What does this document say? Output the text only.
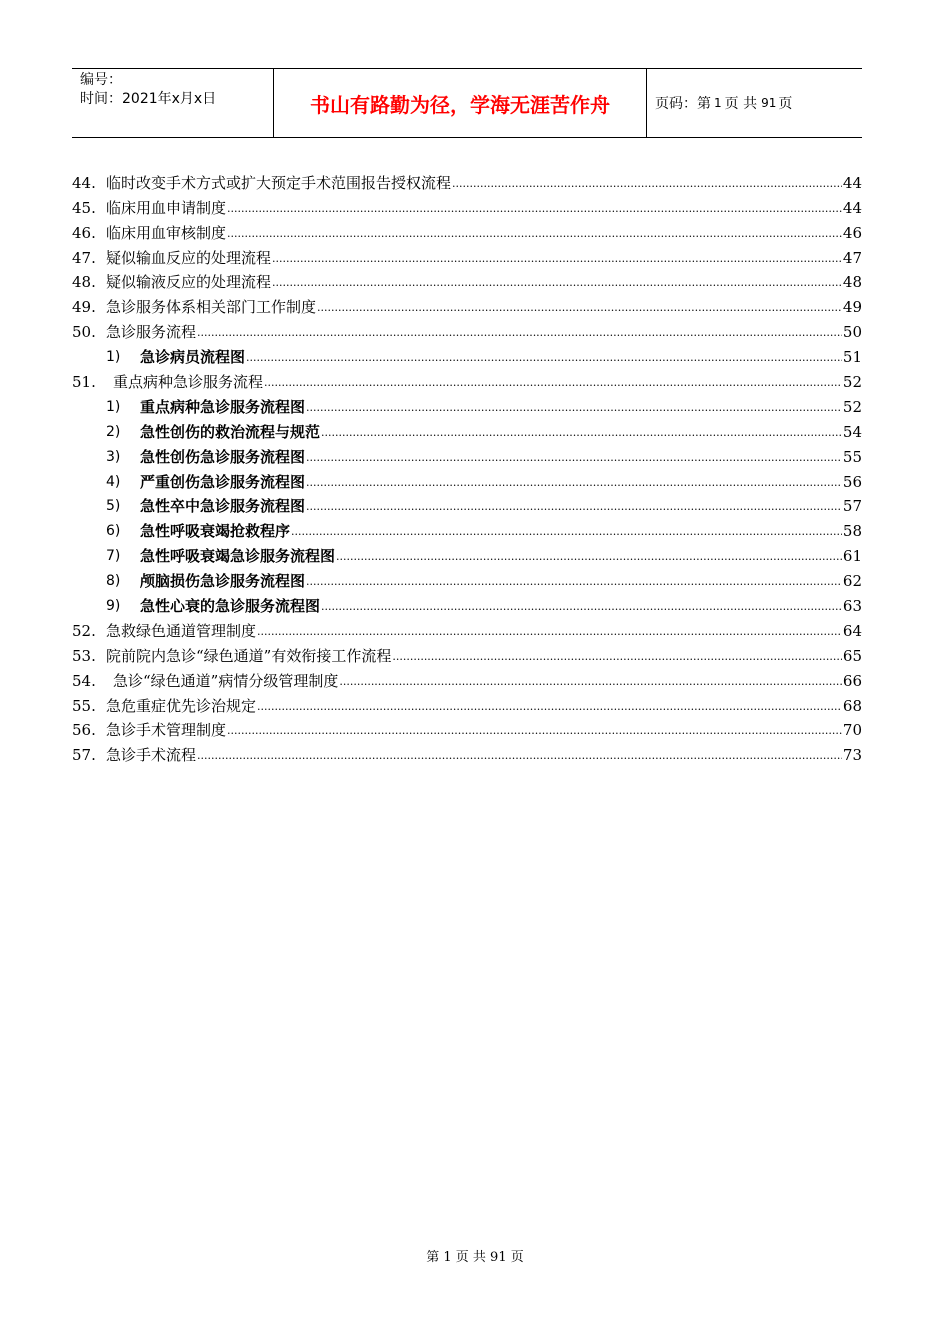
编号：
时间：2021年x月x日	书山有路勤为径，学海无涯苦作舟	页码：第 1 页 共 91 页
44. 临时改变手术方式或扩大预定手术范围报告授权流程 .....	44
45. 临床用血申请制度 .....	44
46. 临床用血审核制度 .....	46
47. 疑似输血反应的处理流程 .....	47
48. 疑似输液反应的处理流程 .....	48
49. 急诊服务体系相关部门工作制度 .....	49
50. 急诊服务流程 .....	50
1)	急诊病员流程图 .....	51
51.	重点病种急诊服务流程 .....	52
1)	重点病种急诊服务流程图 .....	52
2)	急性创伤的救治流程与规范 .....	54
3)	急性创伤急诊服务流程图 .....	55
4)	严重创伤急诊服务流程图 .....	56
5)	急性卒中急诊服务流程图 .....	57
6)	急性呼吸衰竭抢救程序 .....	58
7)	急性呼吸衰竭急诊服务流程图 .....	61
8)	颅脑损伤急诊服务流程图 .....	62
9)	急性心衰的急诊服务流程图 .....	63
52. 急救绿色通道管理制度 .....	64
53. 院前院内急诊“绿色通道”有效衔接工作流程 .....	65
54.	急诊“绿色通道”病情分级管理制度 .....	66
55. 急危重症优先诊治规定 .....	68
56. 急诊手术管理制度 .....	70
57. 急诊手术流程 .....	73
第 1 页 共 91 页
